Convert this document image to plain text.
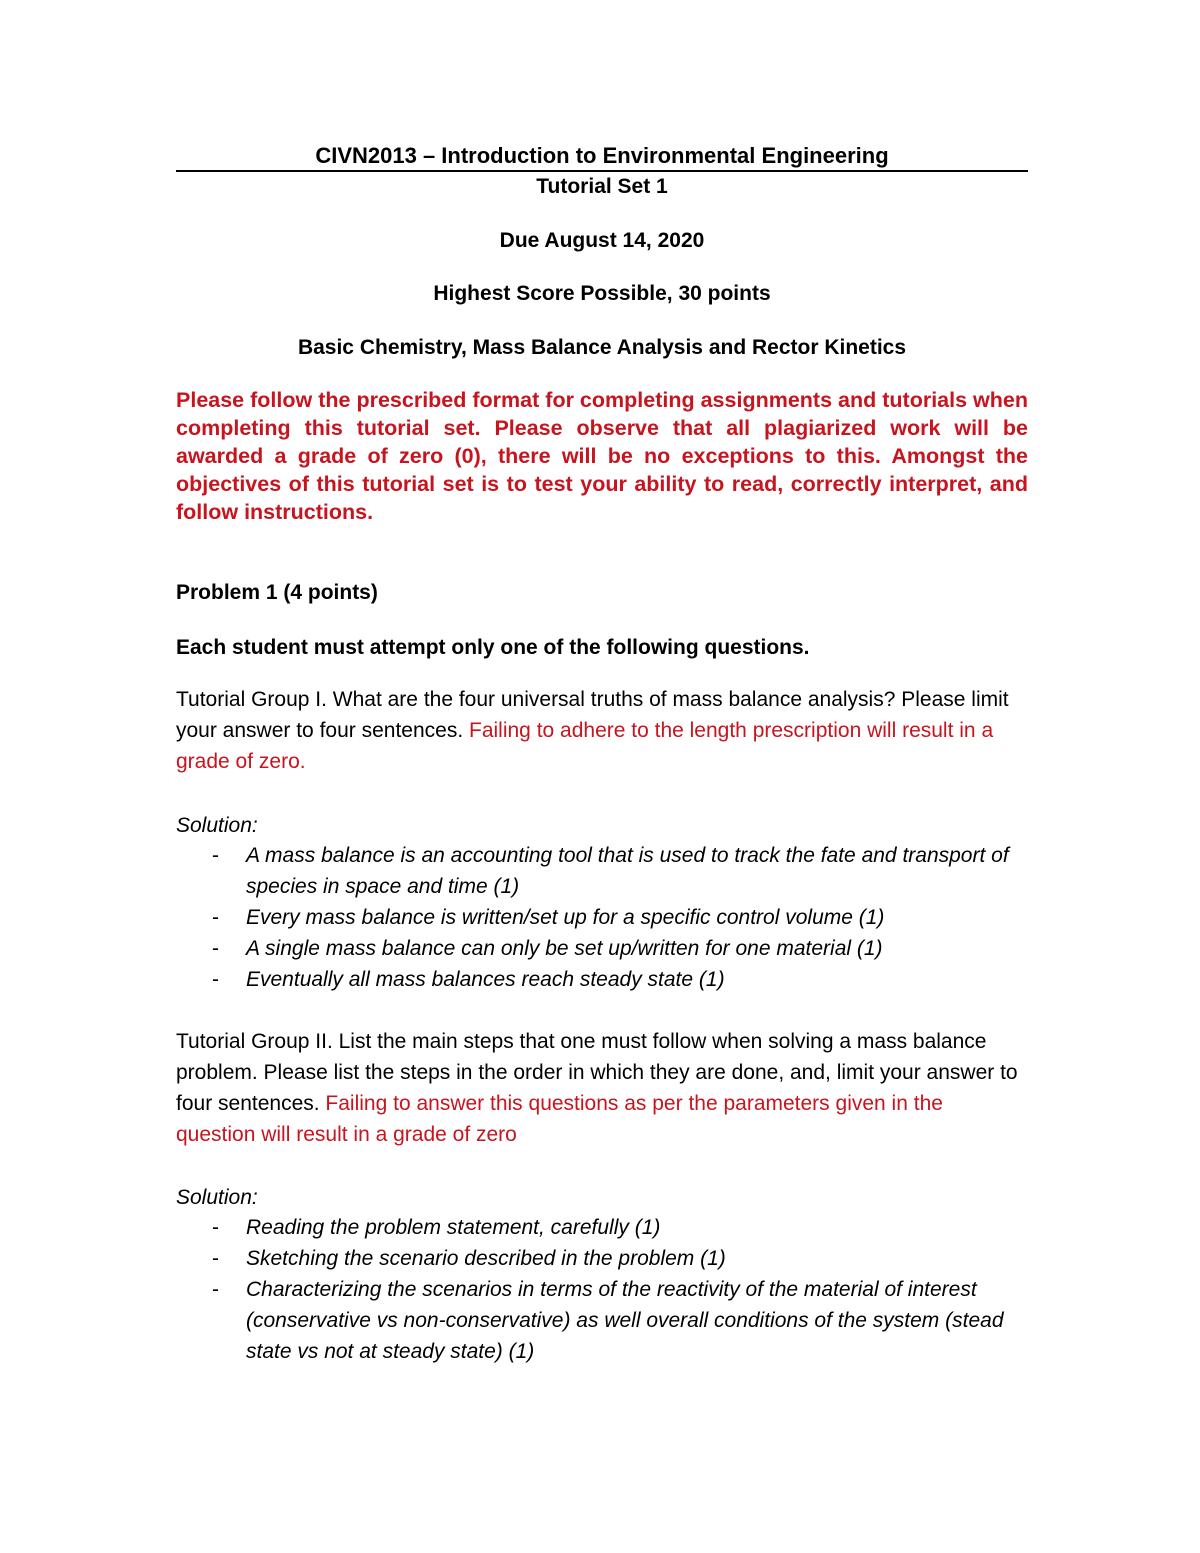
CIVN2013 – Introduction to Environmental Engineering
Tutorial Set 1
Due August 14, 2020
Highest Score Possible, 30 points
Basic Chemistry, Mass Balance Analysis and Rector Kinetics
Please follow the prescribed format for completing assignments and tutorials when completing this tutorial set. Please observe that all plagiarized work will be awarded a grade of zero (0), there will be no exceptions to this. Amongst the objectives of this tutorial set is to test your ability to read, correctly interpret, and follow instructions.
Problem 1 (4 points)
Each student must attempt only one of the following questions.
Tutorial Group I. What are the four universal truths of mass balance analysis? Please limit your answer to four sentences. Failing to adhere to the length prescription will result in a grade of zero.
Solution:
- A mass balance is an accounting tool that is used to track the fate and transport of species in space and time (1)
- Every mass balance is written/set up for a specific control volume (1)
- A single mass balance can only be set up/written for one material (1)
- Eventually all mass balances reach steady state (1)
Tutorial Group II. List the main steps that one must follow when solving a mass balance problem. Please list the steps in the order in which they are done, and, limit your answer to four sentences. Failing to answer this questions as per the parameters given in the question will result in a grade of zero
Solution:
- Reading the problem statement, carefully (1)
- Sketching the scenario described in the problem (1)
- Characterizing the scenarios in terms of the reactivity of the material of interest (conservative vs non-conservative) as well overall conditions of the system (stead state vs not at steady state) (1)
